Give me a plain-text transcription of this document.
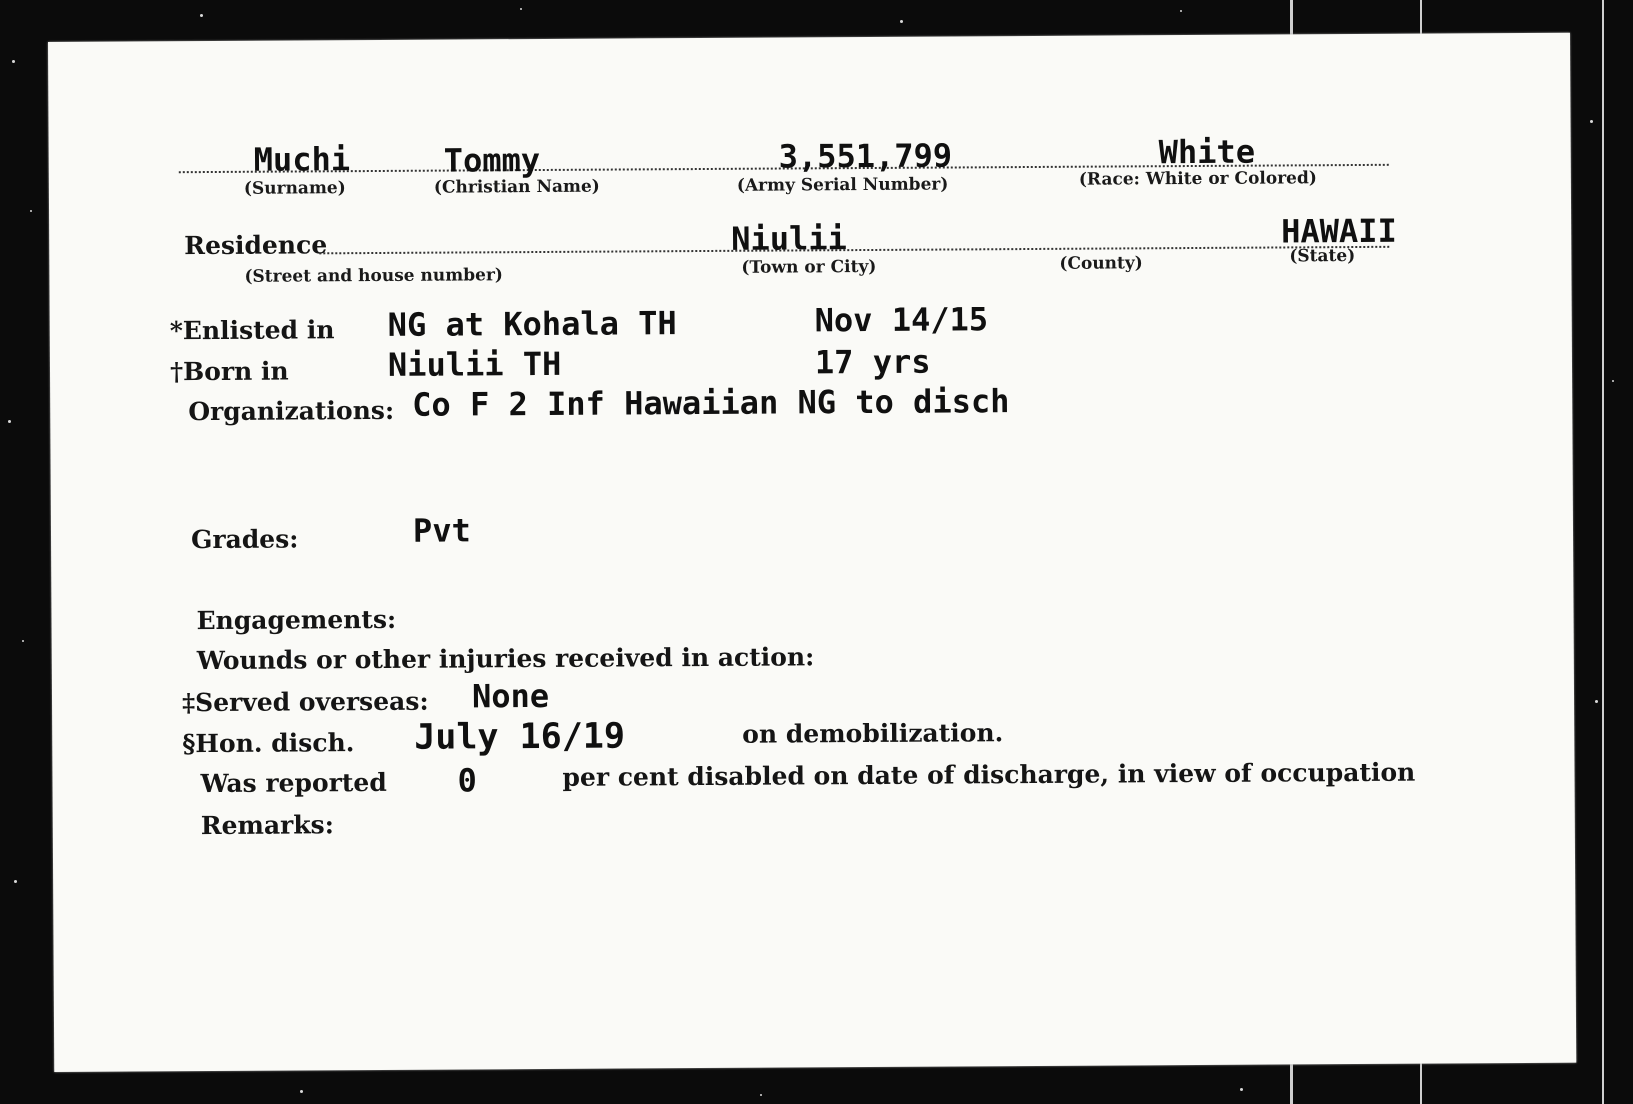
Muchi
(Surname)
Tommy
(Christian Name)
3,551,799
(Army Serial Number)
White
(Race: White or Colored)
Residence
(Street and house number)
Niulii
(Town or City)	(County)
HAWAII
(State)
*Enlisted in NG at Kohala TH	Nov 14/15
†Born in	Niulii TH	17 yrs
Organizations: Co F 2 Inf Hawaiian NG to disch
Grades:	Pvt
Engagements:
Wounds or other injuries received in action:
‡Served overseas: None
§Hon. disch. July 16/19	on demobilization.
Was reported 0	per cent disabled on date of discharge, in view of occupation
Remarks:
